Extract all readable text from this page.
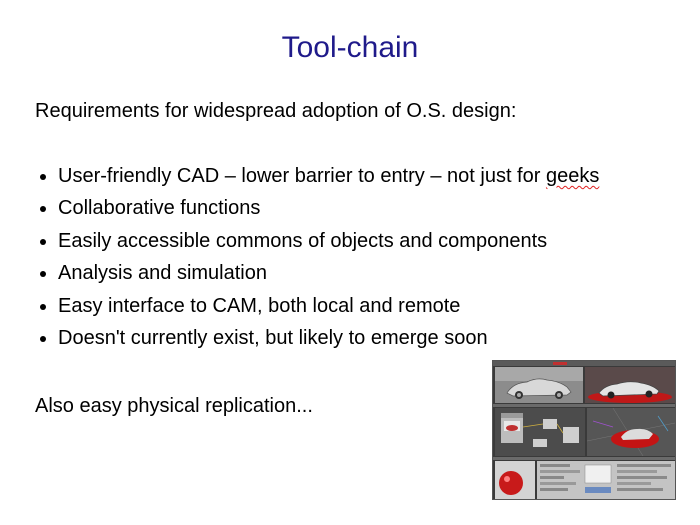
Tool-chain
Requirements for widespread adoption of O.S. design:
User-friendly CAD – lower barrier to entry – not just for geeks
Collaborative functions
Easily accessible commons of objects and components
Analysis and simulation
Easy interface to CAM, both local and remote
Doesn't currently exist, but likely to emerge soon
Also easy physical replication...
